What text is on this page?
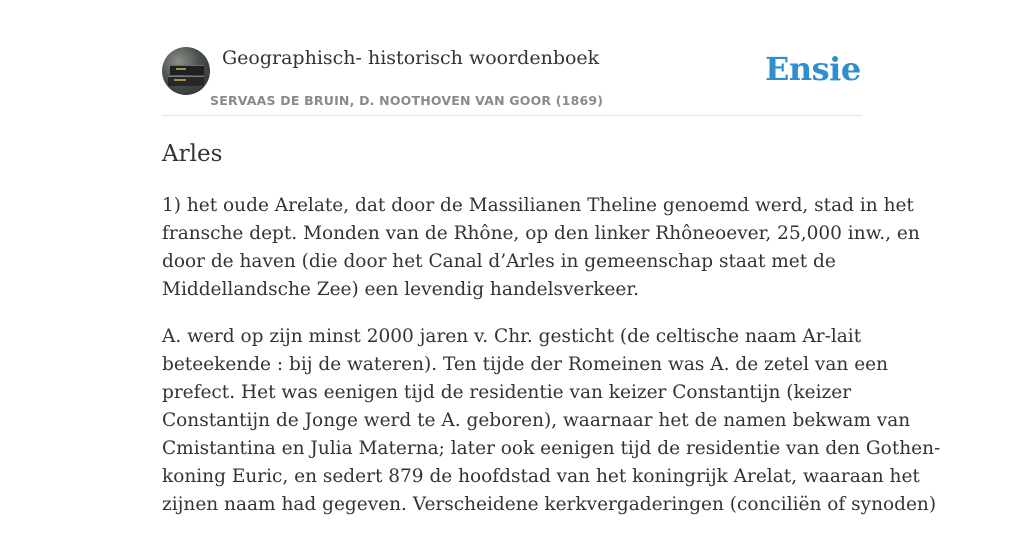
Geographisch- historisch woordenboek
SERVAAS DE BRUIN, D. NOOTHOVEN VAN GOOR (1869)
Ensie
Arles

1) het oude Arelate, dat door de Massilianen Theline genoemd werd, stad in het
fransche dept. Monden van de Rhône, op den linker Rhôneoever, 25,000 inw., en
door de haven (die door het Canal d’Arles in gemeenschap staat met de
Middellandsche Zee) een levendig handelsverkeer.

A. werd op zijn minst 2000 jaren v. Chr. gesticht (de celtische naam Ar-lait
beteekende : bij de wateren). Ten tijde der Romeinen was A. de zetel van een
prefect. Het was eenigen tijd de residentie van keizer Constantijn (keizer
Constantijn de Jonge werd te A. geboren), waarnaar het de namen bekwam van
Cmistantina en Julia Materna; later ook eenigen tijd de residentie van den Gothen-
koning Euric, en sedert 879 de hoofdstad van het koningrijk Arelat, waaraan het
zijnen naam had gegeven. Verscheidene kerkvergaderingen (conciliën of synoden)
